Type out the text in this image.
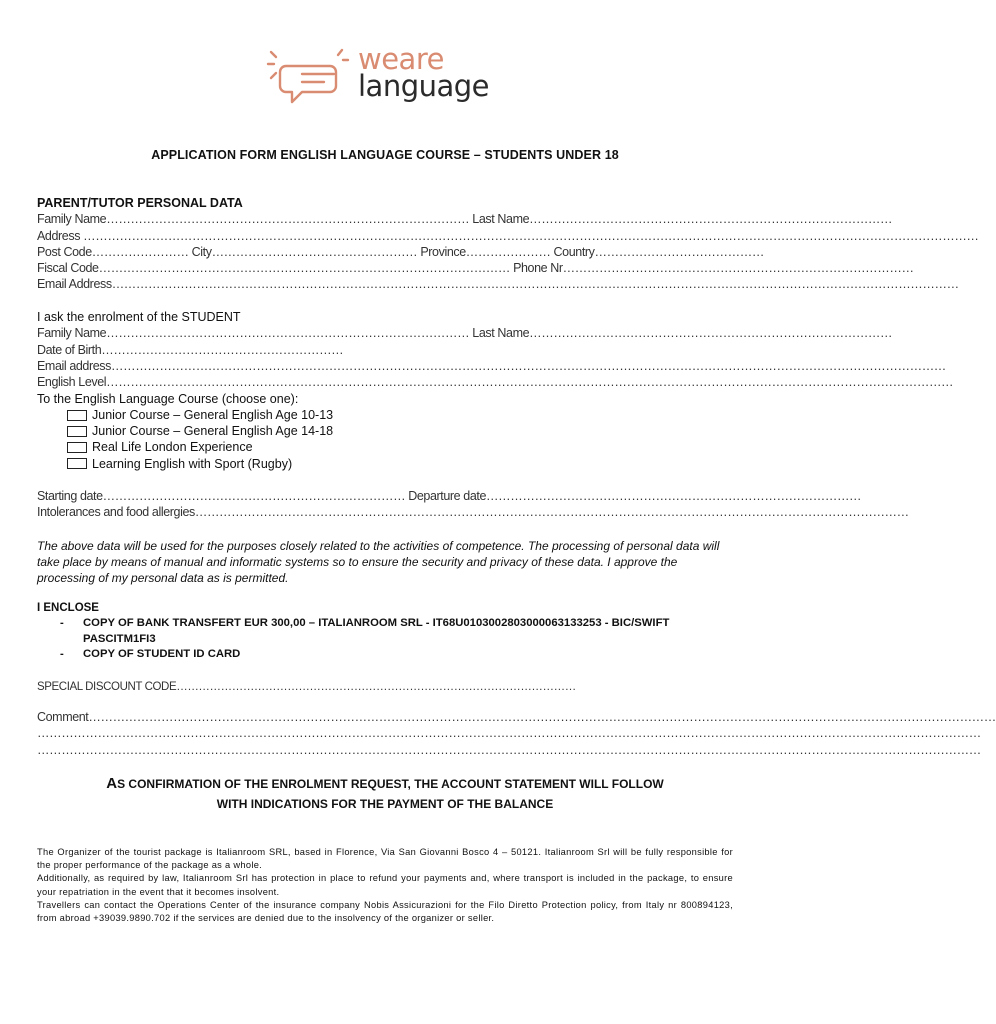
weare
language
APPLICATION FORM ENGLISH LANGUAGE COURSE – STUDENTS UNDER 18
PARENT/TUTOR PERSONAL DATA
Family Name……………………………………………………………………………… Last Name………………………………………………………………………………
Address ……………………………………………………………………………………………………………………………………………………………………………………………………
Post Code…………………… City…………………………………………… Province………………… Country……………………………………
Fiscal Code………………………………………………………………………………………… Phone Nr……………………………………………………………………………
Email Address…………………………………………………………………………………………………………………………………………………………………………………………
I ask the enrolment of the STUDENT
Family Name……………………………………………………………………………… Last Name………………………………………………………………………………
Date of Birth……………………………………………………
Email address………………………………………………………………………………………………………………………………………………………………………………………
English Level…………………………………………………………………………………………………………………………………………………………………………………………
To the English Language Course (choose one):
Junior Course – General English Age 10-13
Junior Course – General English Age 14-18
Real Life London Experience
Learning English with Sport (Rugby)
Starting date………………………………………………………………… Departure date…………………………………………………………………………………
Intolerances and food allergies……………………………………………………………………………………………………………………………………………………………
The above data will be used for the purposes closely related to the activities of competence. The processing of personal data will take place by means of manual and informatic systems so to ensure the security and privacy of these data. I approve the processing of my personal data as is permitted.
I ENCLOSE
-	COPY OF BANK TRANSFERT EUR 300,00 – ITALIANROOM SRL - IT68U0103002803000063133253 - BIC/SWIFT PASCITM1FI3
-	COPY OF STUDENT ID CARD
SPECIAL DISCOUNT CODE………………………………………………………………………………………………
Comment………………………………………………………………………………………………………………………………………………………………………………………………………
………………………………………………………………………………………………………………………………………………………………………………………………………………
………………………………………………………………………………………………………………………………………………………………………………………………………………
AS CONFIRMATION OF THE ENROLMENT REQUEST, THE ACCOUNT STATEMENT WILL FOLLOW
WITH INDICATIONS FOR THE PAYMENT OF THE BALANCE
The Organizer of the tourist package is Italianroom SRL, based in Florence, Via San Giovanni Bosco 4 – 50121. Italianroom Srl will be fully responsible for the proper performance of the package as a whole.
Additionally, as required by law, Italianroom Srl has protection in place to refund your payments and, where transport is included in the package, to ensure your repatriation in the event that it becomes insolvent.
Travellers can contact the Operations Center of the insurance company Nobis Assicurazioni for the Filo Diretto Protection policy, from Italy nr 800894123, from abroad +39039.9890.702 if the services are denied due to the insolvency of the organizer or seller.
